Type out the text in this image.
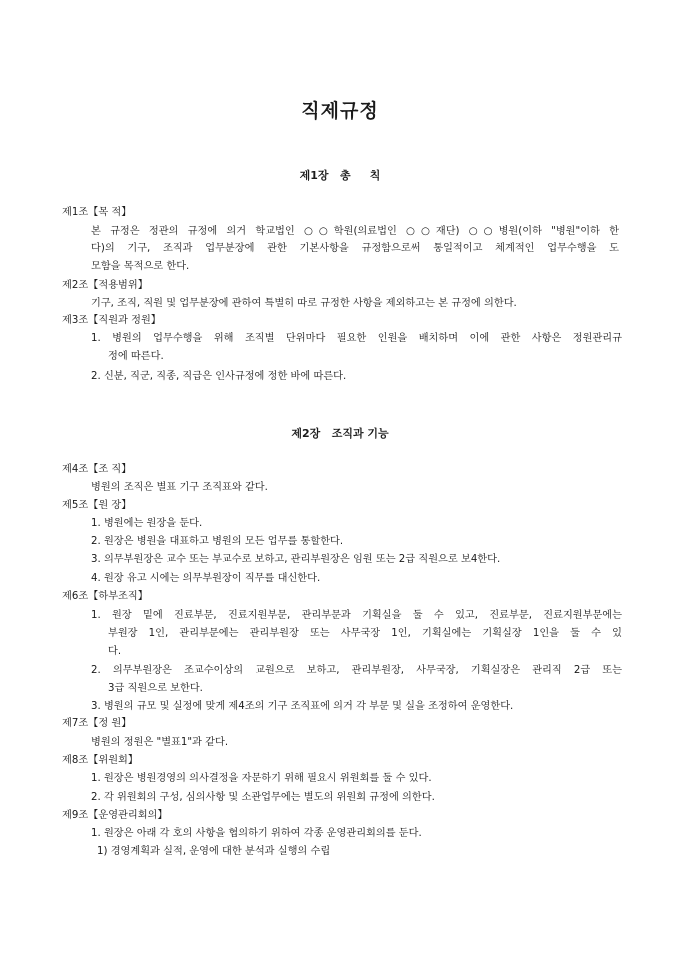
직제규정
제1장   총     칙
제1조【목 적】
본 규정은 정관의 규정에 의거 학교법인 ○○학원(의료법인 ○○재단) ○○병원(이하 "병원"이하 한
다)의 기구, 조직과 업무분장에 관한 기본사항을 규정함으로써 통일적이고 체계적인 업무수행을 도
모함을 목적으로 한다.
제2조【적용범위】
기구, 조직, 직원 및 업무분장에 관하여 특별히 따로 규정한 사항을 제외하고는 본 규정에 의한다.
제3조【직원과 정원】
1. 병원의 업무수행을 위해 조직별 단위마다 필요한 인원을 배치하며 이에 관한 사항은 정원관리규
정에 따른다.
2. 신분, 직군, 직종, 직급은 인사규정에 정한 바에 따른다.
제2장   조직과 기능
제4조【조 직】
병원의 조직은 별표 기구 조직표와 같다.
제5조【원 장】
1. 병원에는 원장을 둔다.
2. 원장은 병원을 대표하고 병원의 모든 업무를 통할한다.
3. 의무부원장은 교수 또는 부교수로 보하고, 관리부원장은 임원 또는 2급 직원으로 보4한다.
4. 원장 유고 시에는 의무부원장이 직무를 대신한다.
제6조【하부조직】
1. 원장 밑에 진료부문, 진료지원부문, 관리부문과 기획실을 둘 수 있고, 진료부문, 진료지원부문에는
부원장 1인, 관리부문에는 관리부원장 또는 사무국장 1인, 기획실에는 기획실장 1인을 둘 수 있
다.
2. 의무부원장은 조교수이상의 교원으로 보하고, 관리부원장, 사무국장, 기획실장은 관리직 2급 또는
3급 직원으로 보한다.
3. 병원의 규모 및 실정에 맞게 제4조의 기구 조직표에 의거 각 부문 및 실을 조정하여 운영한다.
제7조【정 원】
병원의 정원은 "별표1"과 같다.
제8조【위원회】
1. 원장은 병원경영의 의사결정을 자문하기 위해 필요시 위원회를 둘 수 있다.
2. 각 위원회의 구성, 심의사항 및 소관업무에는 별도의 위원회 규정에 의한다.
제9조【운영관리회의】
1. 원장은 아래 각 호의 사항을 협의하기 위하여 각종 운영관리회의를 둔다.
1) 경영계획과 실적, 운영에 대한 분석과 실행의 수립
